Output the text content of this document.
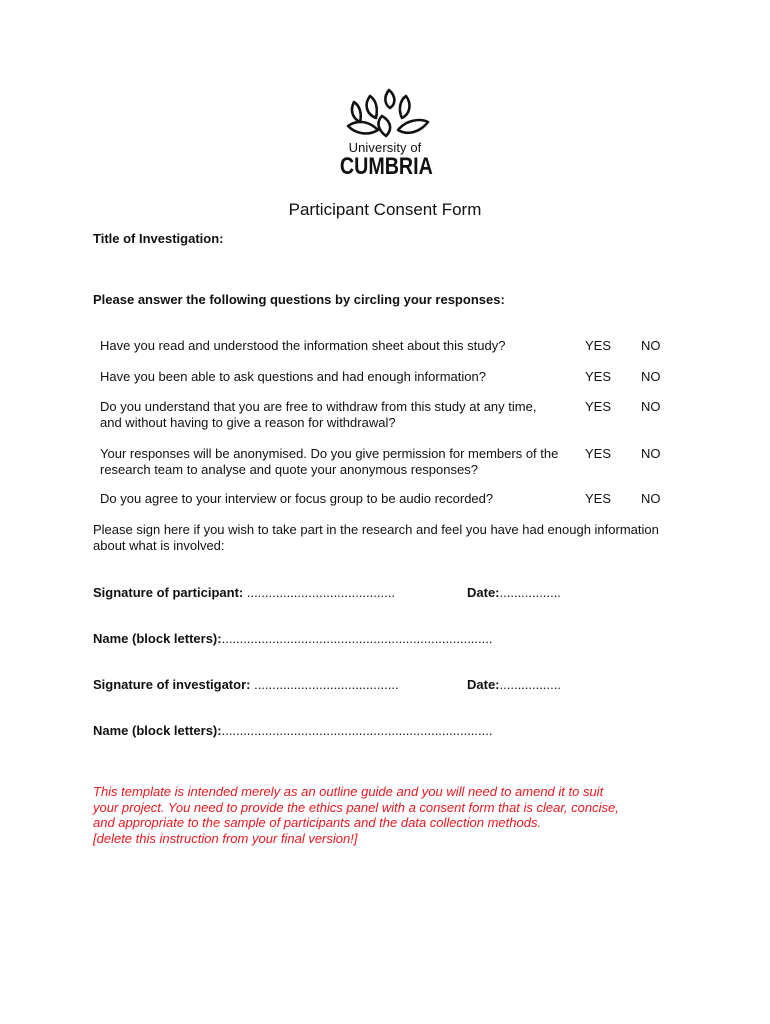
University of
CUMBRIA
Participant Consent Form
Title of Investigation:
Please answer the following questions by circling your responses:
Have you read and understood the information sheet about this study?	YES NO
Have you been able to ask questions and had enough information?	YES NO
Do you understand that you are free to withdraw from this study at any time, and without having to give a reason for withdrawal?
YES NO
Your responses will be anonymised. Do you give permission for members of the research team to analyse and quote your anonymous responses?
YES NO
Do you agree to your interview or focus group to be audio recorded?	YES NO
Please sign here if you wish to take part in the research and feel you have had enough information about what is involved:
Signature of participant: .........................................	Date:.................
Name (block letters):...........................................................................
Signature of investigator: ........................................	Date:.................
Name (block letters):...........................................................................
This template is intended merely as an outline guide and you will need to amend it to suit
your project. You need to provide the ethics panel with a consent form that is clear, concise,
and appropriate to the sample of participants and the data collection methods.
[delete this instruction from your final version!]
